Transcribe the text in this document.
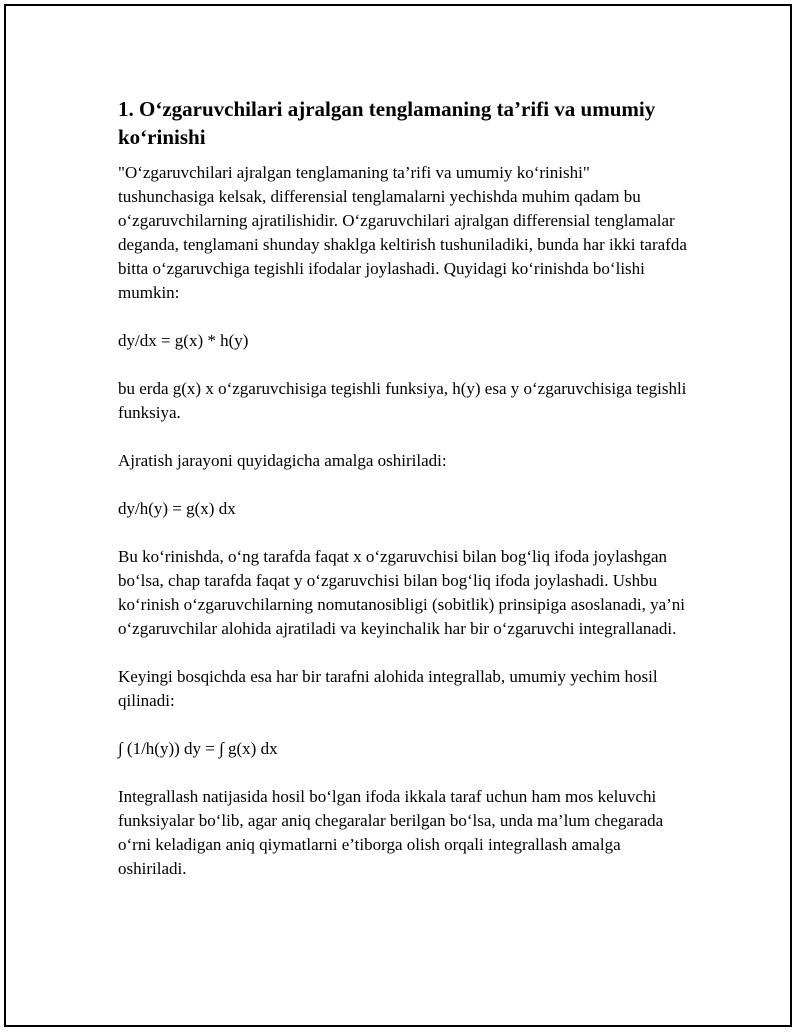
1. O‘zgaruvchilari ajralgan tenglamaning ta’rifi va umumiy ko‘rinishi

"O‘zgaruvchilari ajralgan tenglamaning ta’rifi va umumiy ko‘rinishi" tushunchasiga kelsak, differensial tenglamalarni yechishda muhim qadam bu o‘zgaruvchilarning ajratilishidir. O‘zgaruvchilari ajralgan differensial tenglamalar deganda, tenglamani shunday shaklga keltirish tushuniladiki, bunda har ikki tarafda bitta o‘zgaruvchiga tegishli ifodalar joylashadi. Quyidagi ko‘rinishda bo‘lishi mumkin:

dy/dx = g(x) * h(y)

bu erda g(x) x o‘zgaruvchisiga tegishli funksiya, h(y) esa y o‘zgaruvchisiga tegishli funksiya.

Ajratish jarayoni quyidagicha amalga oshiriladi:

dy/h(y) = g(x) dx

Bu ko‘rinishda, o‘ng tarafda faqat x o‘zgaruvchisi bilan bog‘liq ifoda joylashgan bo‘lsa, chap tarafda faqat y o‘zgaruvchisi bilan bog‘liq ifoda joylashadi. Ushbu ko‘rinish o‘zgaruvchilarning nomutanosibligi (sobitlik) prinsipiga asoslanadi, ya’ni o‘zgaruvchilar alohida ajratiladi va keyinchalik har bir o‘zgaruvchi integrallanadi.

Keyingi bosqichda esa har bir tarafni alohida integrallab, umumiy yechim hosil qilinadi:

∫ (1/h(y)) dy = ∫ g(x) dx

Integrallash natijasida hosil bo‘lgan ifoda ikkala taraf uchun ham mos keluvchi funksiyalar bo‘lib, agar aniq chegaralar berilgan bo‘lsa, unda ma’lum chegarada o‘rni keladigan aniq qiymatlarni e’tiborga olish orqali integrallash amalga oshiriladi.
